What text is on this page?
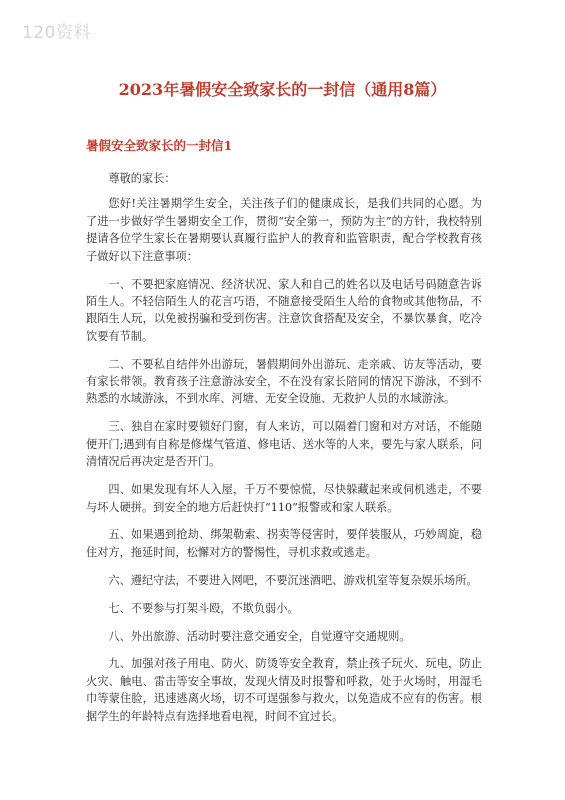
120资料
2023年暑假安全致家长的一封信（通用8篇）
暑假安全致家长的一封信1

尊敬的家长：

您好!关注暑期学生安全，关注孩子们的健康成长，是我们共同的心愿。为了进一步做好学生暑期安全工作，贯彻“安全第一，预防为主”的方针，我校特别提请各位学生家长在暑期要认真履行监护人的教育和监管职责，配合学校教育孩子做好以下注意事项：

一、不要把家庭情况、经济状况、家人和自己的姓名以及电话号码随意告诉陌生人。不轻信陌生人的花言巧语，不随意接受陌生人给的食物或其他物品，不跟陌生人玩，以免被拐骗和受到伤害。注意饮食搭配及安全，不暴饮暴食，吃冷饮要有节制。

二、不要私自结伴外出游玩，暑假期间外出游玩、走亲戚、访友等活动，要有家长带领。教育孩子注意游泳安全，不在没有家长陪同的情况下游泳，不到不熟悉的水域游泳，不到水库、河塘、无安全设施、无救护人员的水域游泳。

三、独自在家时要锁好门窗，有人来访，可以隔着门窗和对方对话，不能随便开门;遇到有自称是修煤气管道、修电话、送水等的人来，要先与家人联系，问清情况后再决定是否开门。

四、如果发现有坏人入屋，千万不要惊慌，尽快躲藏起来或伺机逃走，不要与坏人硬拼。到安全的地方后赶快打“110”报警或和家人联系。

五、如果遇到抢劫、绑架勒索、拐卖等侵害时，要佯装服从，巧妙周旋，稳住对方，拖延时间，松懈对方的警惕性，寻机求救或逃走。

六、遵纪守法，不要进入网吧，不要沉迷酒吧、游戏机室等复杂娱乐场所。

七、不要参与打架斗殴，不欺负弱小。

八、外出旅游、活动时要注意交通安全，自觉遵守交通规则。

九、加强对孩子用电、防火、防烫等安全教育，禁止孩子玩火、玩电，防止火灾、触电、雷击等安全事故，发现火情及时报警和呼救，处于火场时，用湿毛巾等蒙住脸，迅速逃离火场，切不可逞强参与救火，以免造成不应有的伤害。根据学生的年龄特点有选择地看电视，时间不宜过长。
